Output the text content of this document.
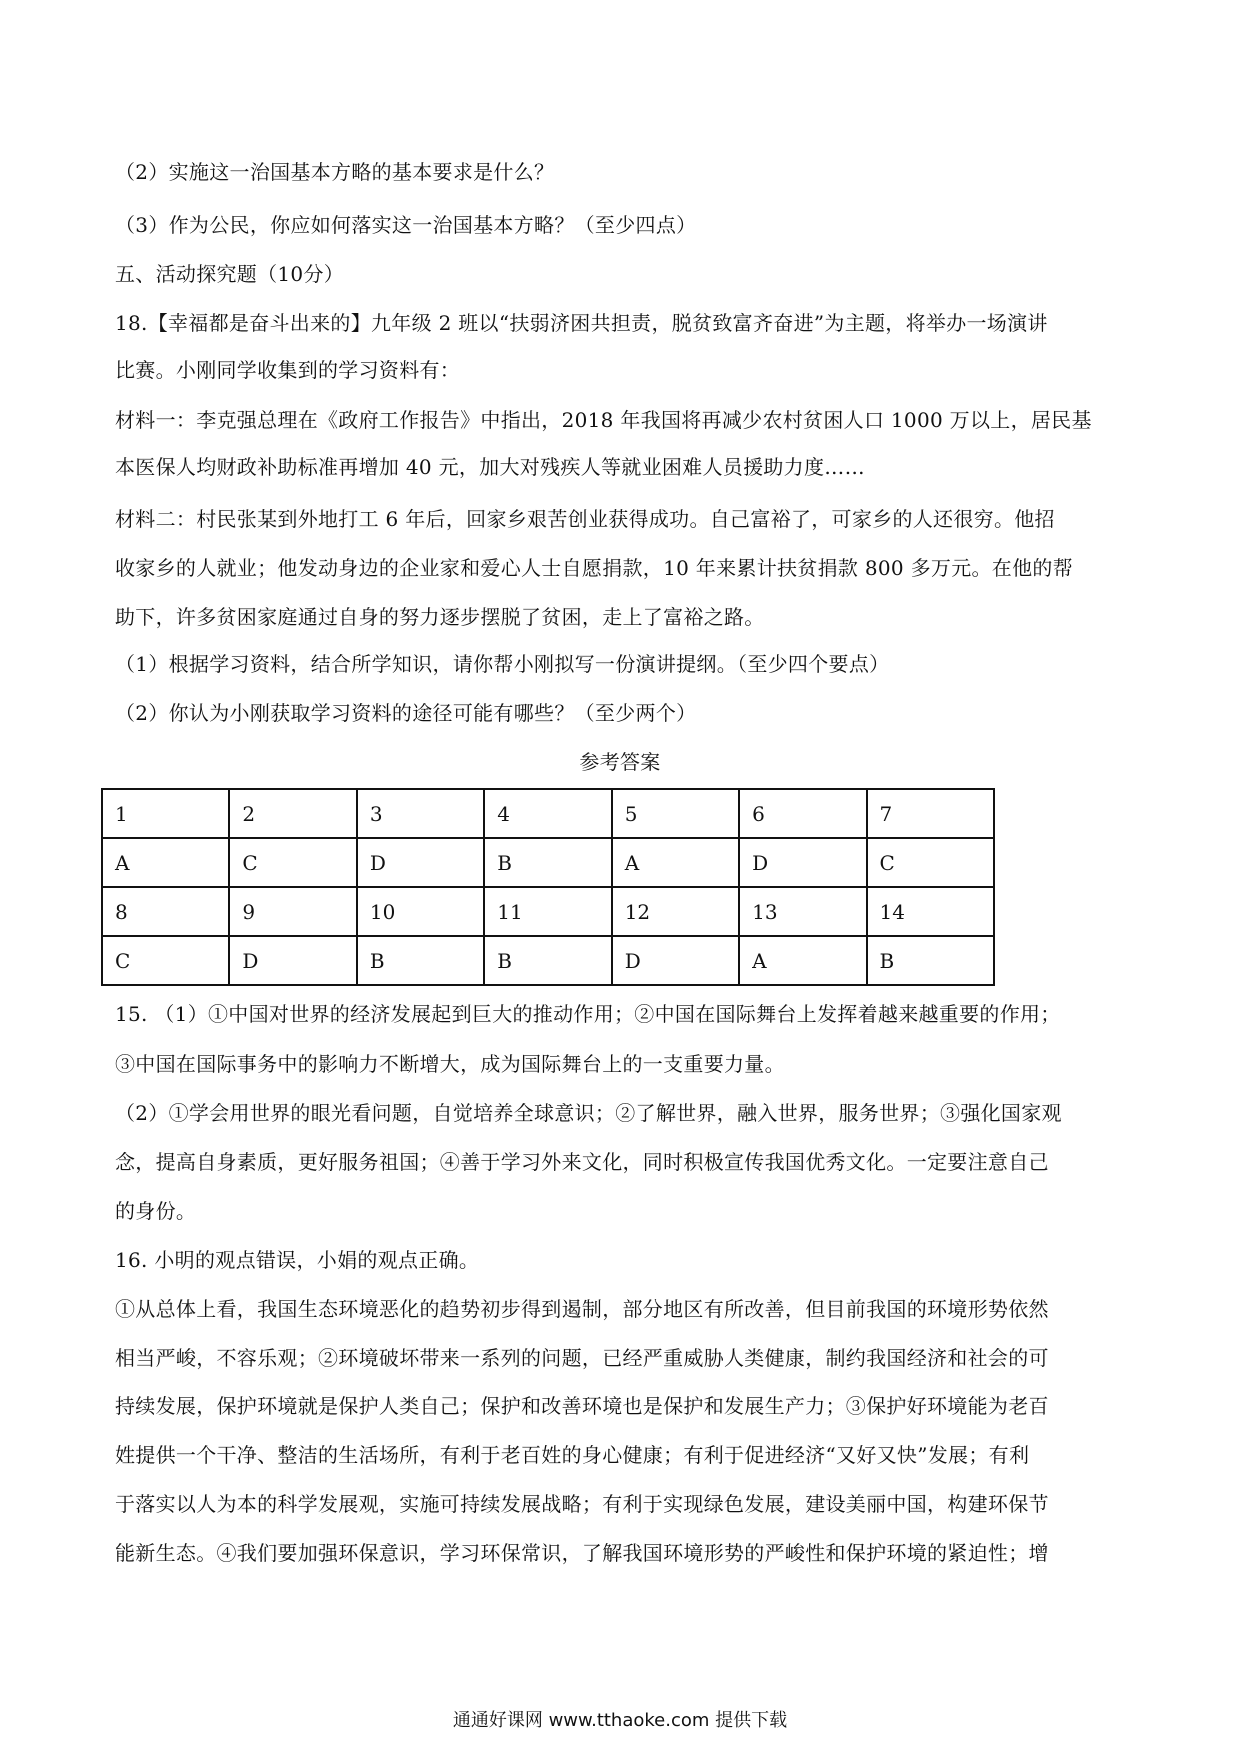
（2）实施这一治国基本方略的基本要求是什么？
（3）作为公民，你应如何落实这一治国基本方略？（至少四点）
五、活动探究题（10分）
18.【幸福都是奋斗出来的】九年级 2 班以“扶弱济困共担责，脱贫致富齐奋进”为主题，将举办一场演讲
比赛。小刚同学收集到的学习资料有：
材料一：李克强总理在《政府工作报告》中指出，2018 年我国将再减少农村贫困人口 1000 万以上，居民基
本医保人均财政补助标准再增加 40 元，加大对残疾人等就业困难人员援助力度……
材料二：村民张某到外地打工 6 年后，回家乡艰苦创业获得成功。自己富裕了，可家乡的人还很穷。他招
收家乡的人就业；他发动身边的企业家和爱心人士自愿捐款，10 年来累计扶贫捐款 800 多万元。在他的帮
助下，许多贫困家庭通过自身的努力逐步摆脱了贫困，走上了富裕之路。
（1）根据学习资料，结合所学知识，请你帮小刚拟写一份演讲提纲。（至少四个要点）
（2）你认为小刚获取学习资料的途径可能有哪些？（至少两个）
参考答案
1	2	3	4	5	6	7
A	C	D	B	A	D	C
8	9	10	11	12	13	14
C	D	B	B	D	A	B
15. （1）①中国对世界的经济发展起到巨大的推动作用；②中国在国际舞台上发挥着越来越重要的作用；
③中国在国际事务中的影响力不断增大，成为国际舞台上的一支重要力量。
（2）①学会用世界的眼光看问题，自觉培养全球意识；②了解世界，融入世界，服务世界；③强化国家观
念，提高自身素质，更好服务祖国；④善于学习外来文化，同时积极宣传我国优秀文化。一定要注意自己
的身份。
16. 小明的观点错误，小娟的观点正确。
①从总体上看，我国生态环境恶化的趋势初步得到遏制，部分地区有所改善，但目前我国的环境形势依然
相当严峻，不容乐观；②环境破坏带来一系列的问题，已经严重威胁人类健康，制约我国经济和社会的可
持续发展，保护环境就是保护人类自己；保护和改善环境也是保护和发展生产力；③保护好环境能为老百
姓提供一个干净、整洁的生活场所，有利于老百姓的身心健康；有利于促进经济“又好又快”发展；有利
于落实以人为本的科学发展观，实施可持续发展战略；有利于实现绿色发展，建设美丽中国，构建环保节
能新生态。④我们要加强环保意识，学习环保常识，了解我国环境形势的严峻性和保护环境的紧迫性；增
通通好课网 www.tthaoke.com 提供下载
